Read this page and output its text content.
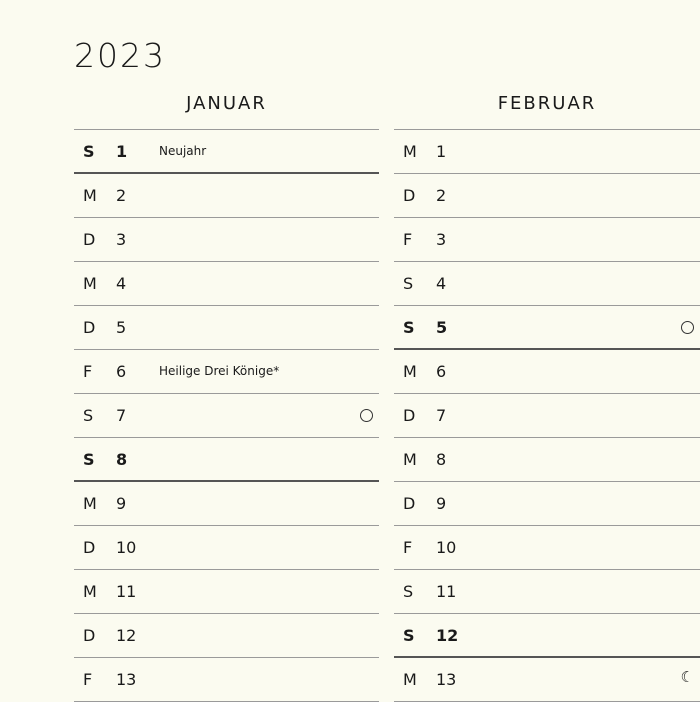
2023
JANUAR
S	1	Neujahr
M	2
D	3
M	4
D	5
F	6	Heilige Drei Könige*
S	7
S	8
M	9
D	10
M	11
D	12
F	13
FEBRUAR
M	1
D	2
F	3
S	4
S	5
M	6
D	7
M	8
D	9
F	10
S	11
S	12
M	13	☾
